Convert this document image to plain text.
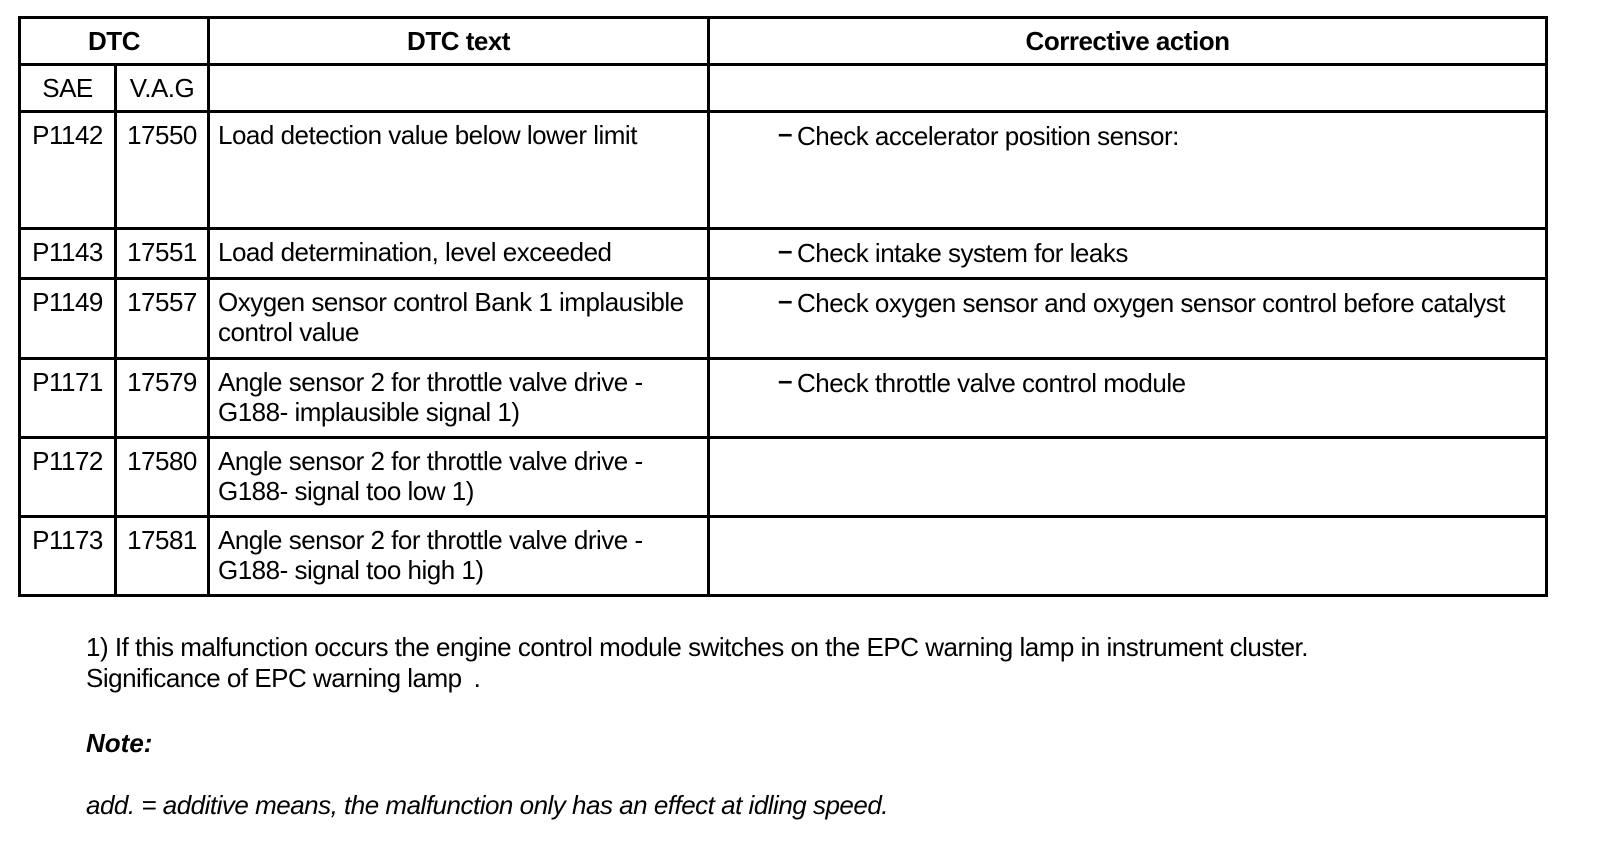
DTC		DTC text	Corrective action
SAE	V.A.G		
P1142	17550	Load detection value below lower limit	– Check accelerator position sensor:

P1143	17551	Load determination, level exceeded	– Check intake system for leaks

P1149	17557	Oxygen sensor control Bank 1 implausible control value	– Check oxygen sensor and oxygen sensor control before catalyst

P1171	17579	Angle sensor 2 for throttle valve drive - G188- implausible signal 1)	– Check throttle valve control module

P1172	17580	Angle sensor 2 for throttle valve drive - G188- signal too low 1)	

P1173	17581	Angle sensor 2 for throttle valve drive - G188- signal too high 1)	
1) If this malfunction occurs the engine control module switches on the EPC warning lamp in instrument cluster.
Significance of EPC warning lamp .
Note:
add. = additive means, the malfunction only has an effect at idling speed.
